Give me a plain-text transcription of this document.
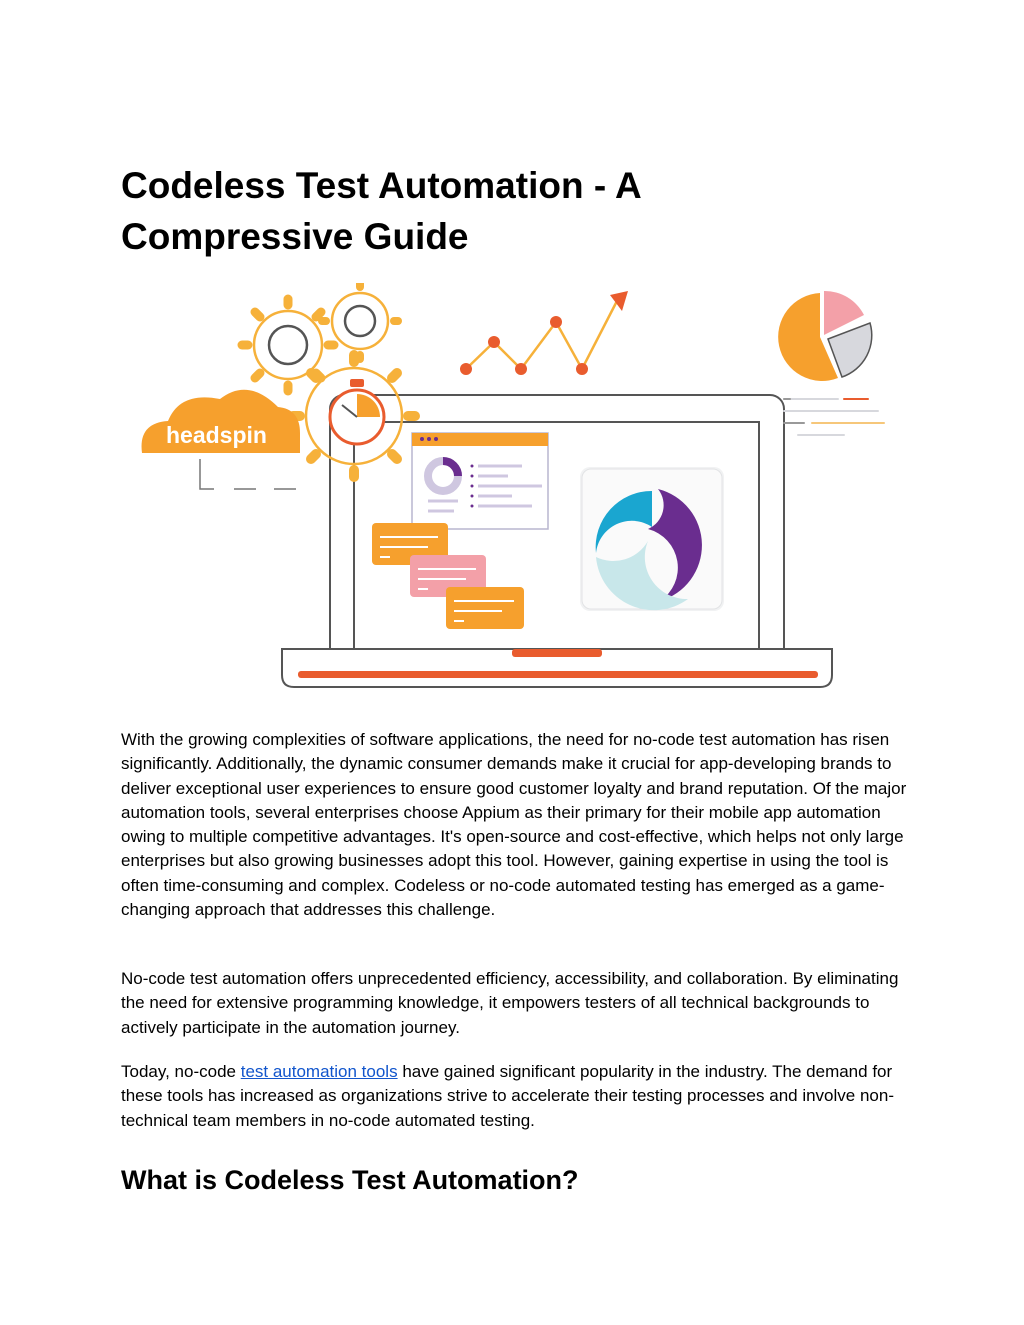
Codeless Test Automation - A
Compressive Guide
headspin

With the growing complexities of software applications, the need for no-code test automation has risen significantly. Additionally, the dynamic consumer demands make it crucial for app-developing brands to deliver exceptional user experiences to ensure good customer loyalty and brand reputation. Of the major automation tools, several enterprises choose Appium as their primary for their mobile app automation owing to multiple competitive advantages. It's open-source and cost-effective, which helps not only large enterprises but also growing businesses adopt this tool. However, gaining expertise in using the tool is often time-consuming and complex. Codeless or no-code automated testing has emerged as a game-changing approach that addresses this challenge.

No-code test automation offers unprecedented efficiency, accessibility, and collaboration. By eliminating the need for extensive programming knowledge, it empowers testers of all technical backgrounds to actively participate in the automation journey.

Today, no-code test automation tools have gained significant popularity in the industry. The demand for these tools has increased as organizations strive to accelerate their testing processes and involve non-technical team members in no-code automated testing.

What is Codeless Test Automation?
